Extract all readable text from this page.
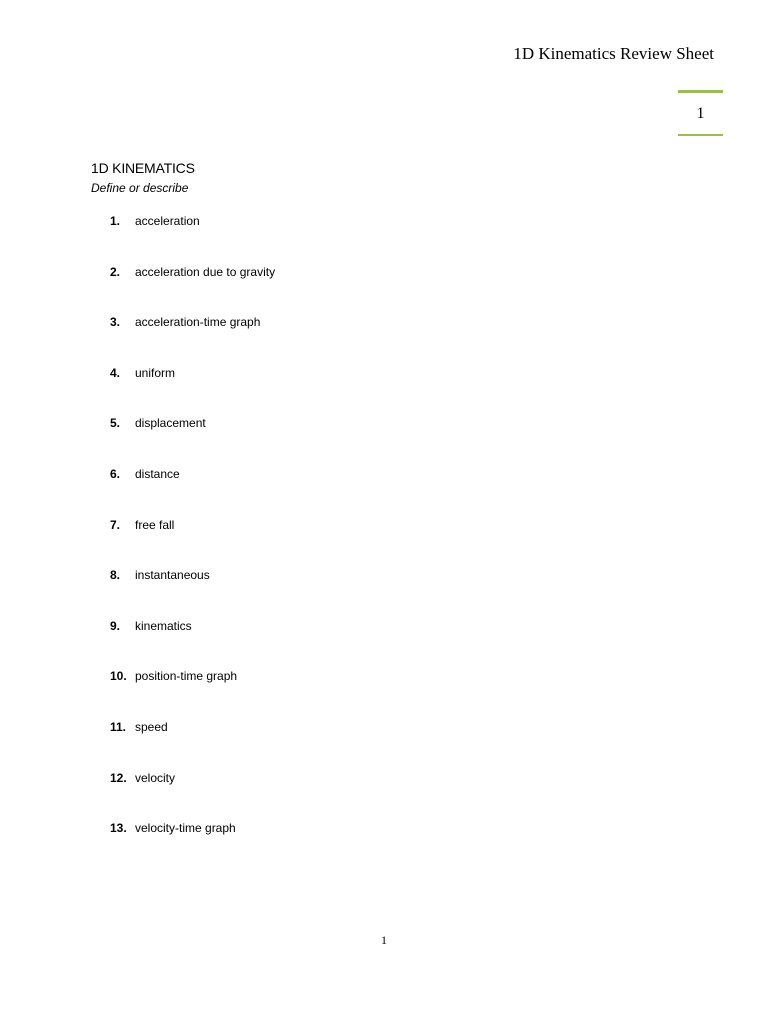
1D Kinematics Review Sheet
1
1D KINEMATICS
Define or describe
1.	acceleration
2.	acceleration due to gravity
3.	acceleration-time graph
4.	uniform
5.	displacement
6.	distance
7.	free fall
8.	instantaneous
9.	kinematics
10. position-time graph
11. speed
12. velocity
13. velocity-time graph
1
